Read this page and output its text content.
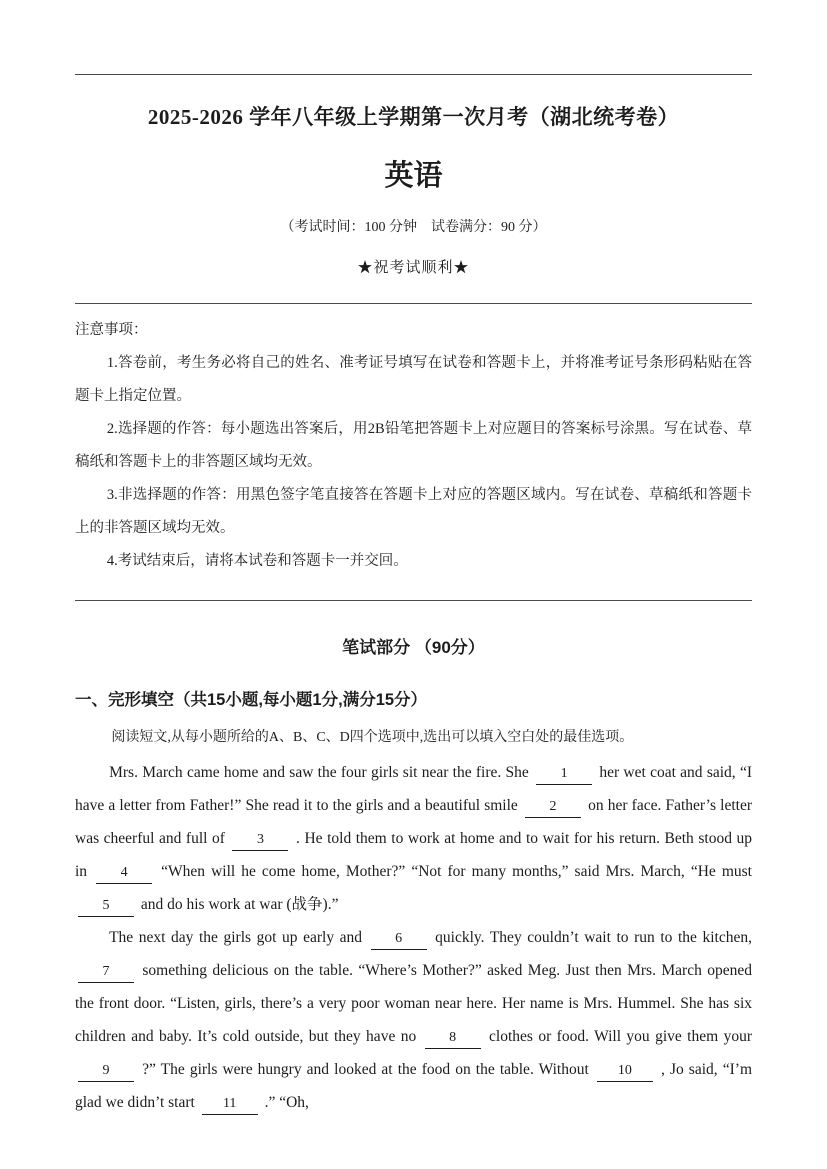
2025-2026 学年八年级上学期第一次月考（湖北统考卷）
英语
（考试时间：100 分钟　试卷满分：90 分）
★祝考试顺利★

注意事项：

1.答卷前，考生务必将自己的姓名、准考证号填写在试卷和答题卡上，并将准考证号条形码粘贴在答题卡上指定位置。

2.选择题的作答：每小题选出答案后，用2B铅笔把答题卡上对应题目的答案标号涂黑。写在试卷、草稿纸和答题卡上的非答题区域均无效。

3.非选择题的作答：用黑色签字笔直接答在答题卡上对应的答题区域内。写在试卷、草稿纸和答题卡上的非答题区域均无效。

4.考试结束后，请将本试卷和答题卡一并交回。

笔试部分 （90分）
一、完形填空（共15小题,每小题1分,满分15分）
阅读短文,从每小题所给的A、B、C、D四个选项中,选出可以填入空白处的最佳选项。

Mrs. March came home and saw the four girls sit near the fire. She 1 her wet coat and said, “I have a letter from Father!” She read it to the girls and a beautiful smile 2 on her face. Father’s letter was cheerful and full of 3 . He told them to work at home and to wait for his return. Beth stood up in 4 “When will he come home, Mother?” “Not for many months,” said Mrs. March, “He must 5 and do his work at war (战争).”

The next day the girls got up early and 6 quickly. They couldn’t wait to run to the kitchen, 7 something delicious on the table. “Where’s Mother?” asked Meg. Just then Mrs. March opened the front door. “Listen, girls, there’s a very poor woman near here. Her name is Mrs. Hummel. She has six children and baby. It’s cold outside, but they have no 8 clothes or food. Will you give them your 9 ?” The girls were hungry and looked at the food on the table. Without 10 , Jo said, “I’m glad we didn’t start 11 .” “Oh,
